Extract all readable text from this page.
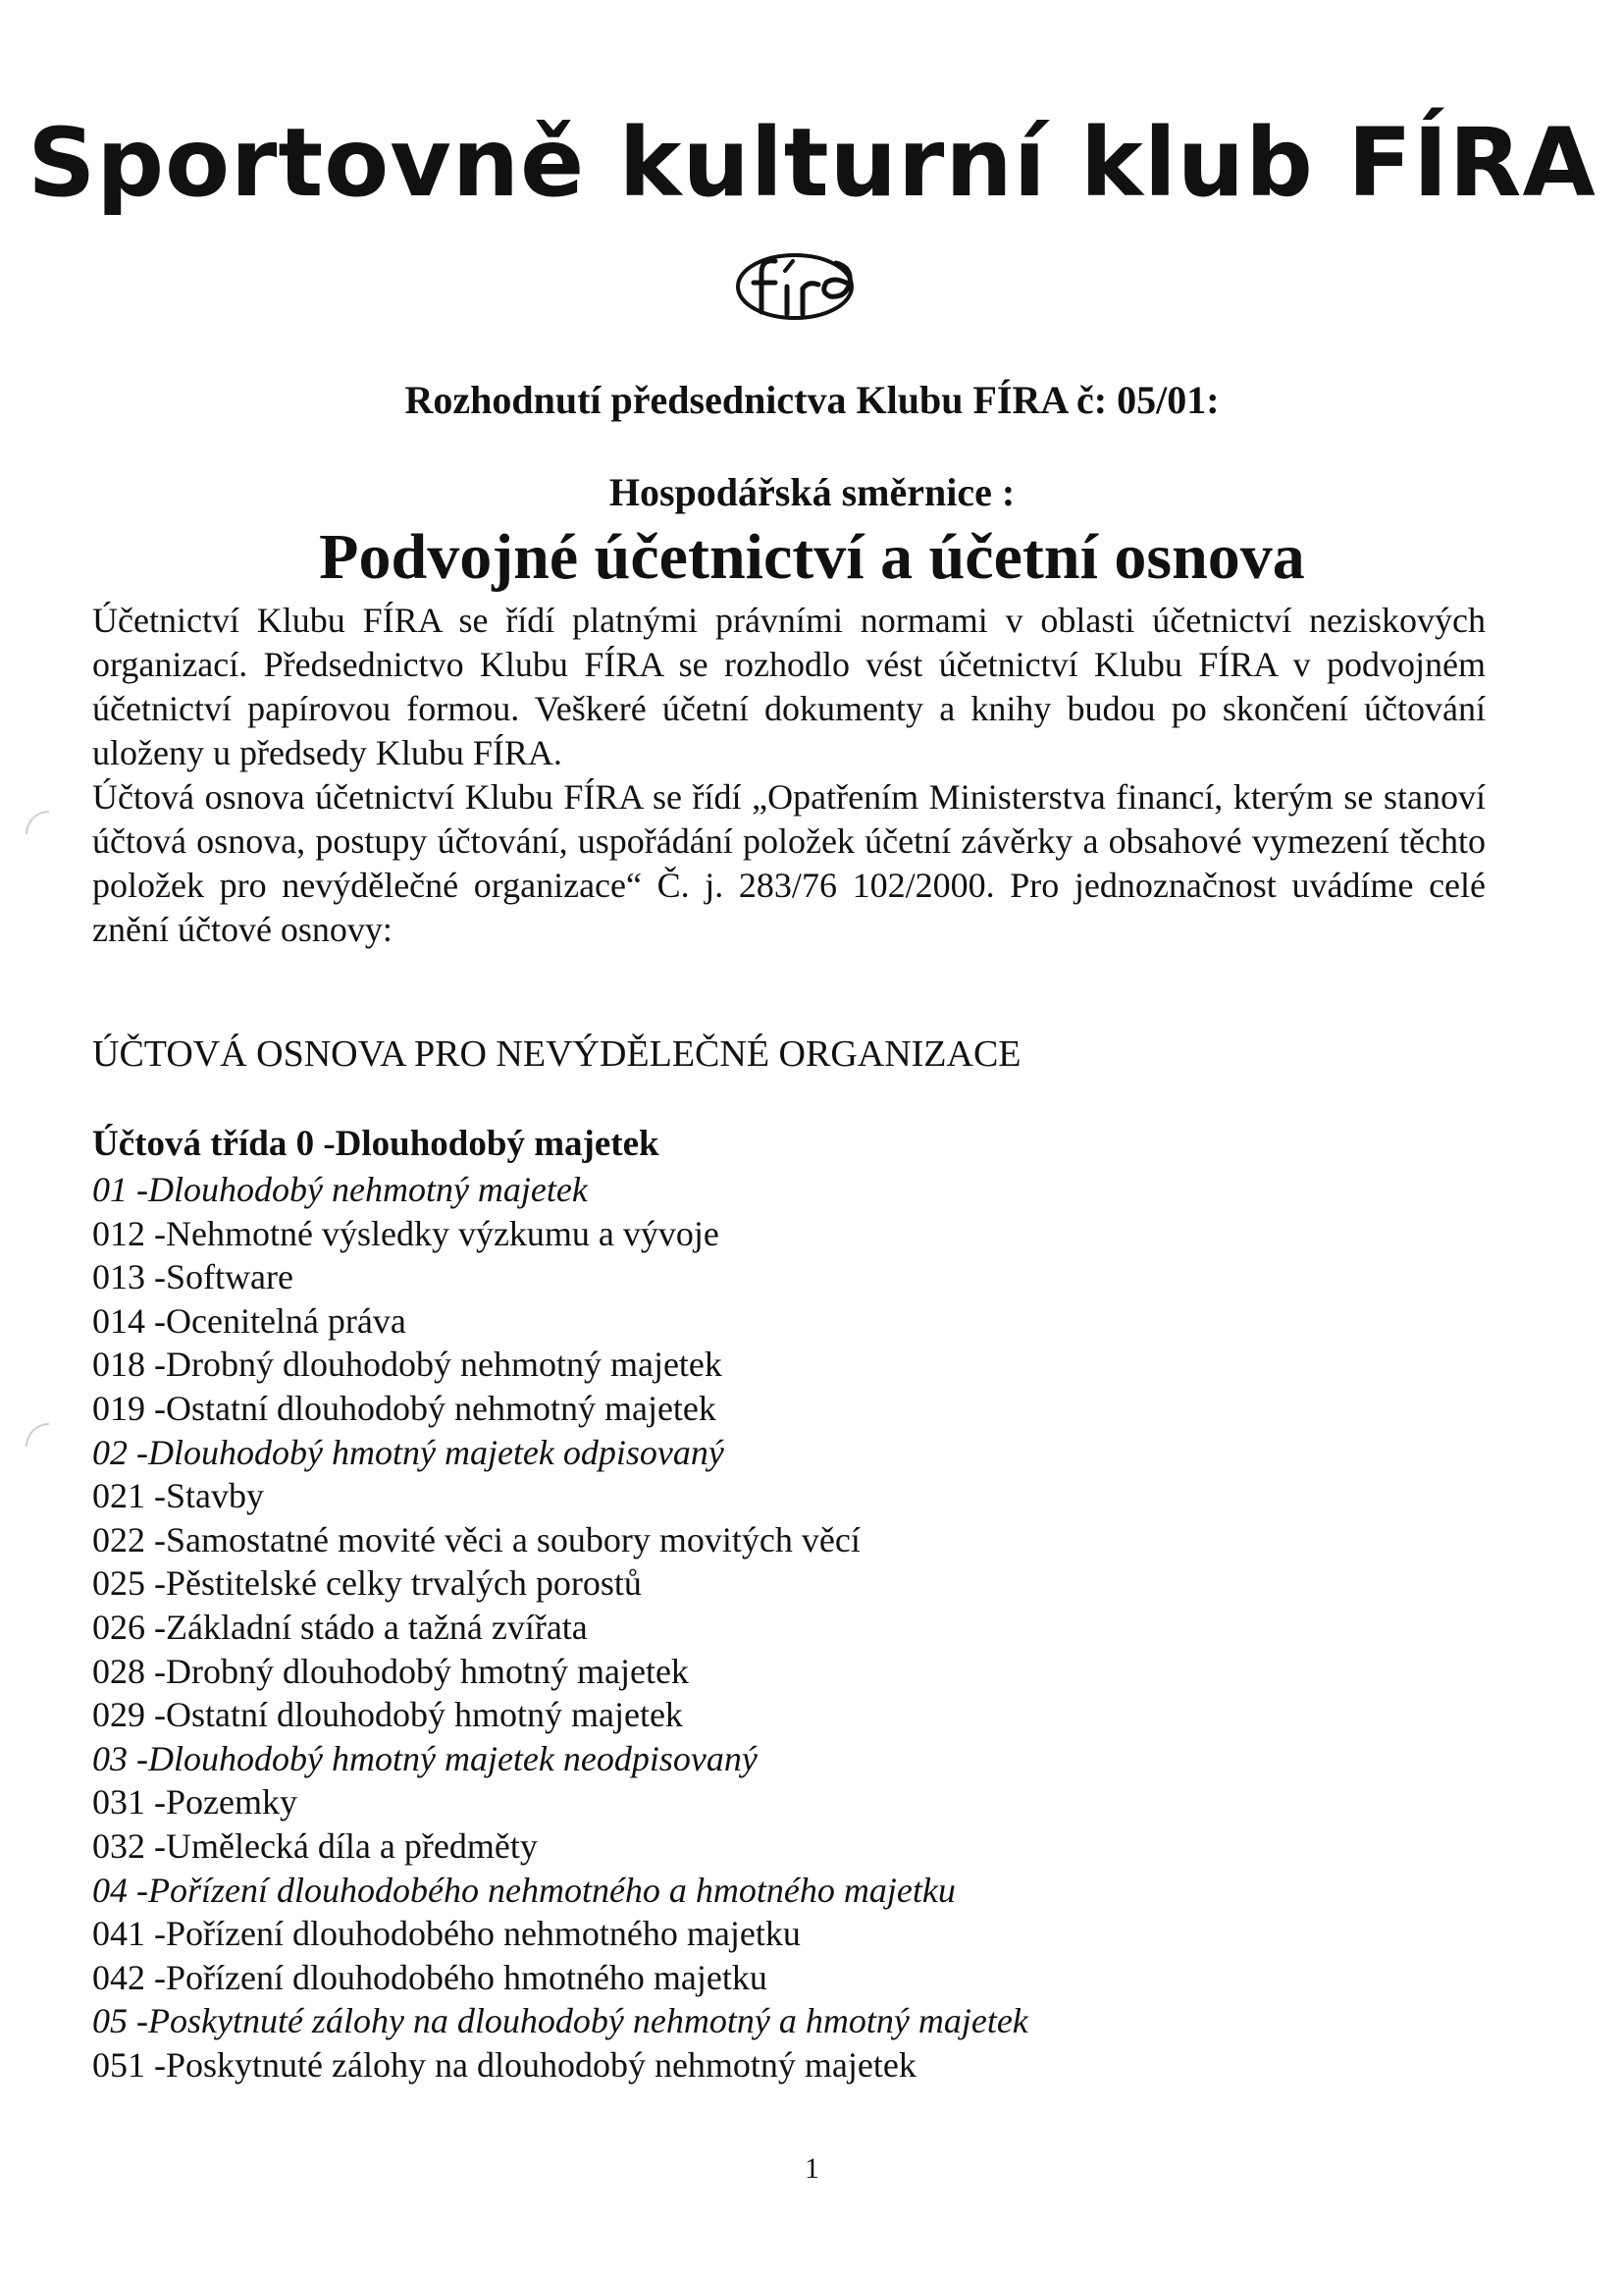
Sportovně kulturní klub FÍRA
Rozhodnutí předsednictva Klubu FÍRA č: 05/01:
Hospodářská směrnice :
Podvojné účetnictví a účetní osnova

Účetnictví Klubu FÍRA se řídí platnými právními normami v oblasti účetnictví neziskových organizací. Předsednictvo Klubu FÍRA se rozhodlo vést účetnictví Klubu FÍRA v podvojném účetnictví papírovou formou. Veškeré účetní dokumenty a knihy budou po skončení účtování uloženy u předsedy Klubu FÍRA.

Účtová osnova účetnictví Klubu FÍRA se řídí „Opatřením Ministerstva financí, kterým se stanoví účtová osnova, postupy účtování, uspořádání položek účetní závěrky a obsahové vymezení těchto položek pro nevýdělečné organizace“ Č. j. 283/76 102/2000. Pro jednoznačnost uvádíme celé znění účtové osnovy:

ÚČTOVÁ OSNOVA PRO NEVÝDĚLEČNÉ ORGANIZACE
Účtová třída 0 -Dlouhodobý majetek
01 -Dlouhodobý nehmotný majetek
012 -Nehmotné výsledky výzkumu a vývoje
013 -Software
014 -Ocenitelná práva
018 -Drobný dlouhodobý nehmotný majetek
019 -Ostatní dlouhodobý nehmotný majetek
02 -Dlouhodobý hmotný majetek odpisovaný
021 -Stavby
022 -Samostatné movité věci a soubory movitých věcí
025 -Pěstitelské celky trvalých porostů
026 -Základní stádo a tažná zvířata
028 -Drobný dlouhodobý hmotný majetek
029 -Ostatní dlouhodobý hmotný majetek
03 -Dlouhodobý hmotný majetek neodpisovaný
031 -Pozemky
032 -Umělecká díla a předměty
04 -Pořízení dlouhodobého nehmotného a hmotného majetku
041 -Pořízení dlouhodobého nehmotného majetku
042 -Pořízení dlouhodobého hmotného majetku
05 -Poskytnuté zálohy na dlouhodobý nehmotný a hmotný majetek
051 -Poskytnuté zálohy na dlouhodobý nehmotný majetek
1
